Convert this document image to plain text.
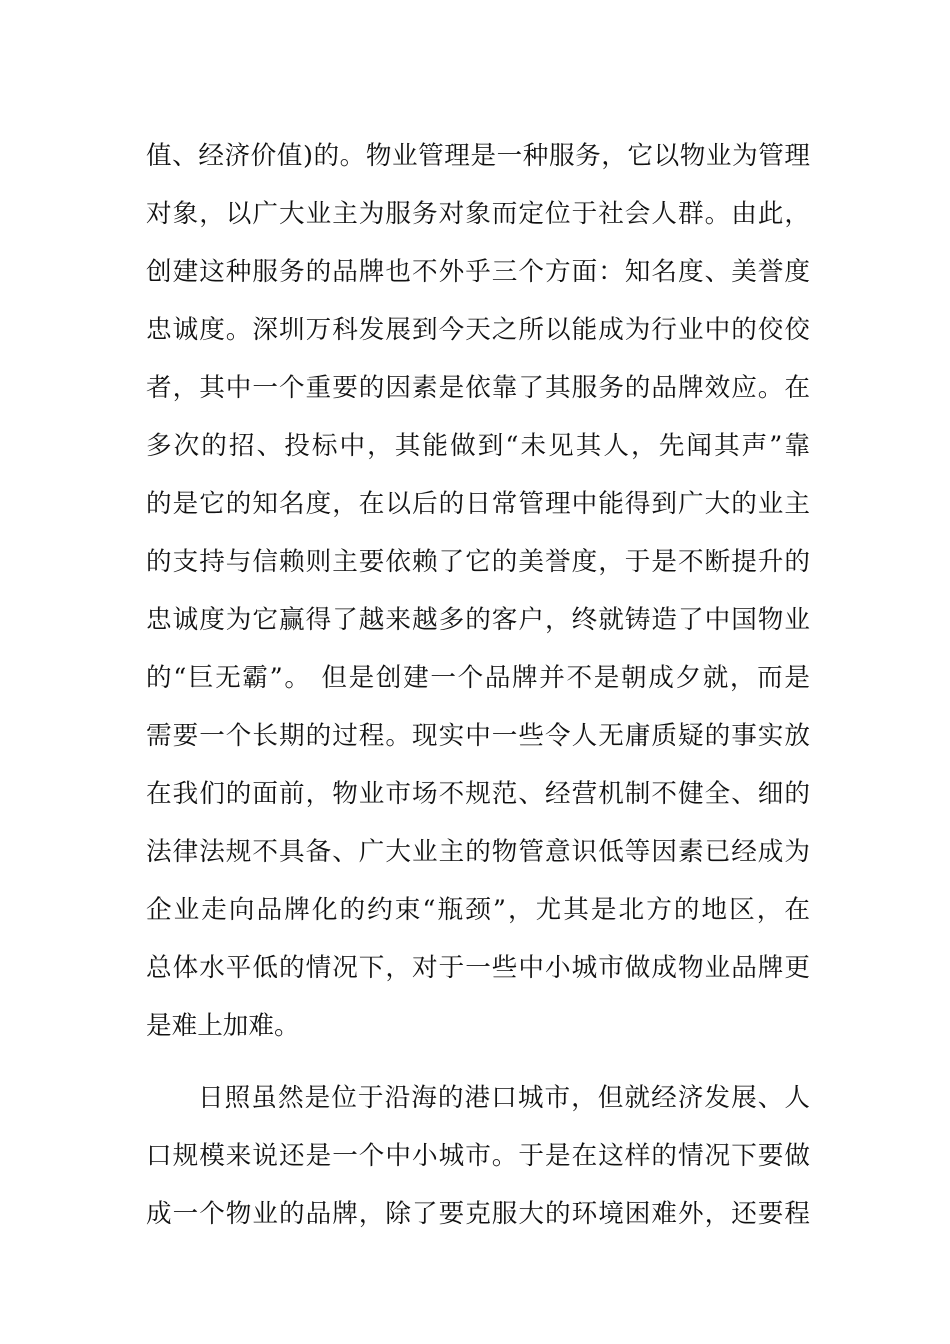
值、经济价值)的。物业管理是一种服务，它以物业为管理
对象，以广大业主为服务对象而定位于社会人群。由此，
创建这种服务的品牌也不外乎三个方面：知名度、美誉度
忠诚度。深圳万科发展到今天之所以能成为行业中的佼佼
者，其中一个重要的因素是依靠了其服务的品牌效应。在
多次的招、投标中，其能做到“未见其人，先闻其声”靠
的是它的知名度，在以后的日常管理中能得到广大的业主
的支持与信赖则主要依赖了它的美誉度，于是不断提升的
忠诚度为它赢得了越来越多的客户，终就铸造了中国物业
的“巨无霸”。 但是创建一个品牌并不是朝成夕就，而是
需要一个长期的过程。现实中一些令人无庸质疑的事实放
在我们的面前，物业市场不规范、经营机制不健全、细的
法律法规不具备、广大业主的物管意识低等因素已经成为
企业走向品牌化的约束“瓶颈”，尤其是北方的地区，在
总体水平低的情况下，对于一些中小城市做成物业品牌更
是难上加难。
日照虽然是位于沿海的港口城市，但就经济发展、人
口规模来说还是一个中小城市。于是在这样的情况下要做
成一个物业的品牌，除了要克服大的环境困难外，还要程
